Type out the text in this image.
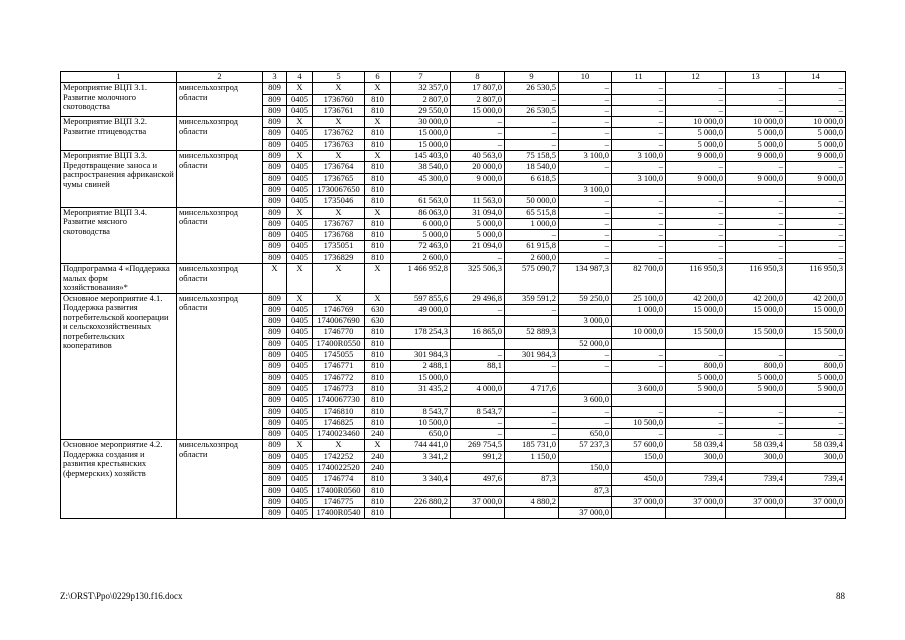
1	2	3	4	5	6	7	8	9	10	11	12	13	14
Мероприятие ВЦП 3.1. Развитие молочного скотоводства	минсельхозпрод области	809	Х	Х	Х	32 357,0	17 807,0	26 530,5	–	–	–	–	–
		809	0405	1736760	810	2 807,0	2 807,0	–	–	–	–	–	–
		809	0405	1736761	810	29 550,0	15 000,0	26 530,5	–	–	–	–	–
Мероприятие ВЦП 3.2. Развитие птицеводства	минсельхозпрод области	809	Х	Х	Х	30 000,0	–	–	–	–	10 000,0	10 000,0	10 000,0
		809	0405	1736762	810	15 000,0	–	–	–	–	5 000,0	5 000,0	5 000,0
		809	0405	1736763	810	15 000,0	–	–	–	–	5 000,0	5 000,0	5 000,0
Мероприятие ВЦП 3.3. Предотвращение заноса и распространения африканской чумы свиней	минсельхозпрод области	809	Х	Х	Х	145 403,0	40 563,0	75 158,5	3 100,0	3 100,0	9 000,0	9 000,0	9 000,0
		809	0405	1736764	810	38 540,0	20 000,0	18 540,0	–	–	–	–	–
		809	0405	1736765	810	45 300,0	9 000,0	6 618,5		3 100,0	9 000,0	9 000,0	9 000,0
		809	0405	1730067650	810				3 100,0				
		809	0405	1735046	810	61 563,0	11 563,0	50 000,0	–	–	–	–	–
Мероприятие ВЦП 3.4. Развитие мясного скотоводства	минсельхозпрод области	809	Х	Х	Х	86 063,0	31 094,0	65 515,8	–	–	–	–	–
		809	0405	1736767	810	6 000,0	5 000,0	1 000,0	–	–	–	–	–
		809	0405	1736768	810	5 000,0	5 000,0	–	–	–	–	–	–
		809	0405	1735051	810	72 463,0	21 094,0	61 915,8	–	–	–	–	–
		809	0405	1736829	810	2 600,0	–	2 600,0	–	–	–	–	–
Подпрограмма 4 «Поддержка малых форм хозяйствования»*	минсельхозпрод области	Х	Х	Х	Х	1 466 952,8	325 506,3	575 090,7	134 987,3	82 700,0	116 950,3	116 950,3	116 950,3
Основное мероприятие 4.1. Поддержка развития потребительской кооперации и сельскохозяйственных потребительских кооперативов	минсельхозпрод области	809	Х	Х	Х	597 855,6	29 496,8	359 591,2	59 250,0	25 100,0	42 200,0	42 200,0	42 200,0
		809	0405	1746769	630	49 000,0	–	–		1 000,0	15 000,0	15 000,0	15 000,0
		809	0405	1740067690	630				3 000,0				
		809	0405	1746770	810	178 254,3	16 865,0	52 889,3		10 000,0	15 500,0	15 500,0	15 500,0
		809	0405	17400R0550	810				52 000,0				
		809	0405	1745055	810	301 984,3	–	301 984,3	–	–	–	–	–
		809	0405	1746771	810	2 488,1	88,1	–	–	–	800,0	800,0	800,0
		809	0405	1746772	810	15 000,0					5 000,0	5 000,0	5 000,0
		809	0405	1746773	810	31 435,2	4 000,0	4 717,6		3 600,0	5 900,0	5 900,0	5 900,0
		809	0405	1740067730	810				3 600,0				
		809	0405	1746810	810	8 543,7	8 543,7	–	–	–	–	–	–
		809	0405	1746825	810	10 500,0	–	–	–	10 500,0	–	–	–
		809	0405	1740023460	240	650,0	–	–	650,0	–	–	–	–
Основное мероприятие 4.2. Поддержка создания и развития крестьянских (фермерских) хозяйств	минсельхозпрод области	809	Х	Х	Х	744 441,0	269 754,5	185 731,0	57 237,3	57 600,0	58 039,4	58 039,4	58 039,4
		809	0405	1742252	240	3 341,2	991,2	1 150,0		150,0	300,0	300,0	300,0
		809	0405	1740022520	240				150,0				
		809	0405	1746774	810	3 340,4	497,6	87,3		450,0	739,4	739,4	739,4
		809	0405	17400R0560	810				87,3				
		809	0405	1746775	810	226 880,2	37 000,0	4 880,2		37 000,0	37 000,0	37 000,0	37 000,0
		809	0405	17400R0540	810				37 000,0				
Z:\ORST\Ppo\0229p130.f16.docx	88
